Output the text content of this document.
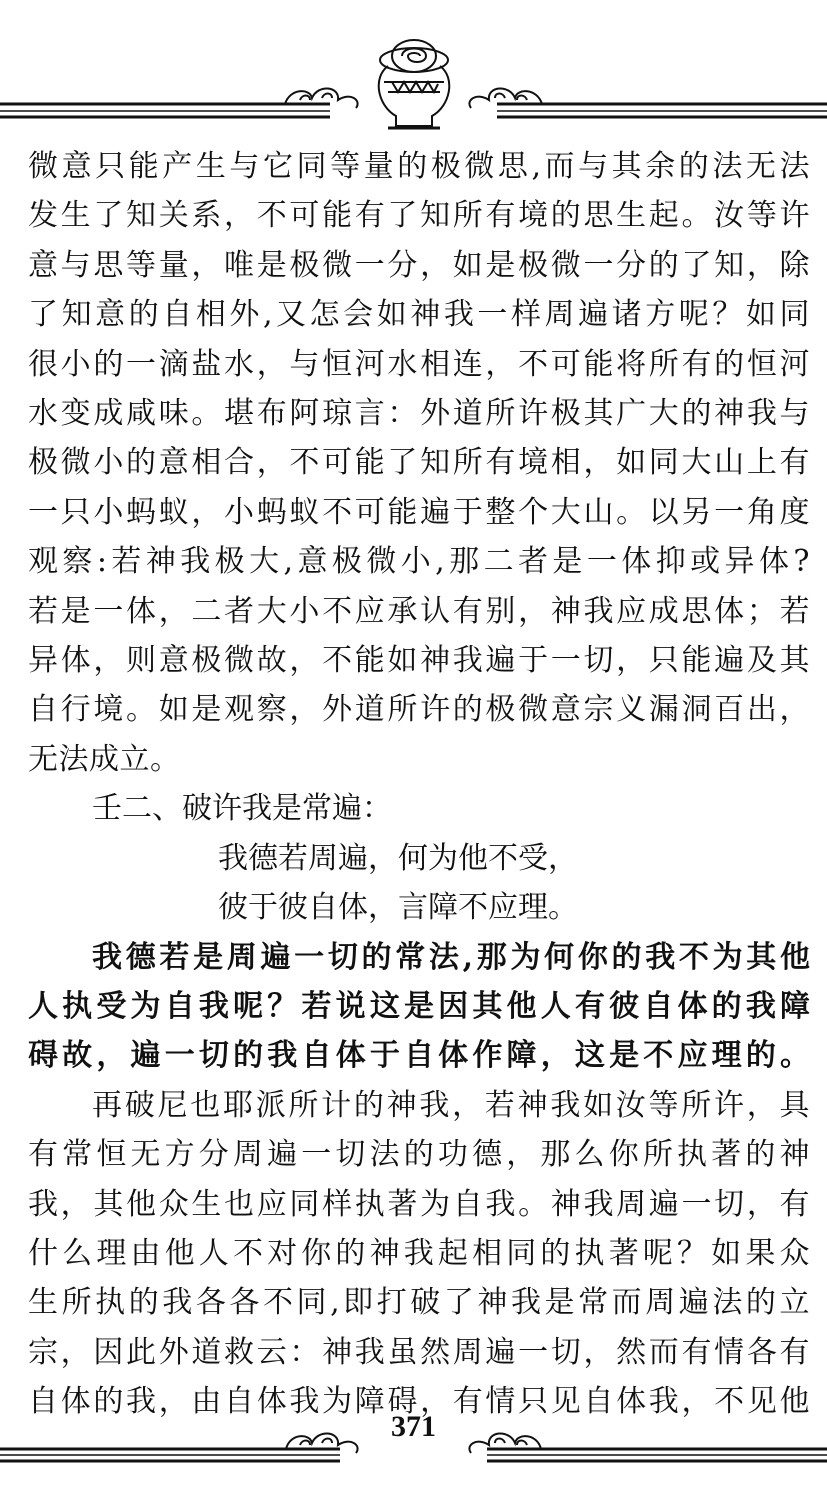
微意只能产生与它同等量的极微思,而与其余的法无法

发生了知关系，不可能有了知所有境的思生起。汝等许

意与思等量，唯是极微一分，如是极微一分的了知，除

了知意的自相外,又怎会如神我一样周遍诸方呢？如同

很小的一滴盐水，与恒河水相连，不可能将所有的恒河

水变成咸味。堪布阿琼言：外道所许极其广大的神我与

极微小的意相合，不可能了知所有境相，如同大山上有

一只小蚂蚁，小蚂蚁不可能遍于整个大山。以另一角度

观察:若神我极大,意极微小,那二者是一体抑或异体?

若是一体，二者大小不应承认有别，神我应成思体；若

异体，则意极微故，不能如神我遍于一切，只能遍及其

自行境。如是观察，外道所许的极微意宗义漏洞百出，

无法成立。

壬二、破许我是常遍：

我德若周遍，何为他不受，

彼于彼自体，言障不应理。

我德若是周遍一切的常法,那为何你的我不为其他

人执受为自我呢？若说这是因其他人有彼自体的我障

碍故，遍一切的我自体于自体作障，这是不应理的。

再破尼也耶派所计的神我，若神我如汝等所许，具

有常恒无方分周遍一切法的功德，那么你所执著的神

我，其他众生也应同样执著为自我。神我周遍一切，有

什么理由他人不对你的神我起相同的执著呢？如果众

生所执的我各各不同,即打破了神我是常而周遍法的立

宗，因此外道救云：神我虽然周遍一切，然而有情各有

自体的我，由自体我为障碍，有情只见自体我，不见他

371
